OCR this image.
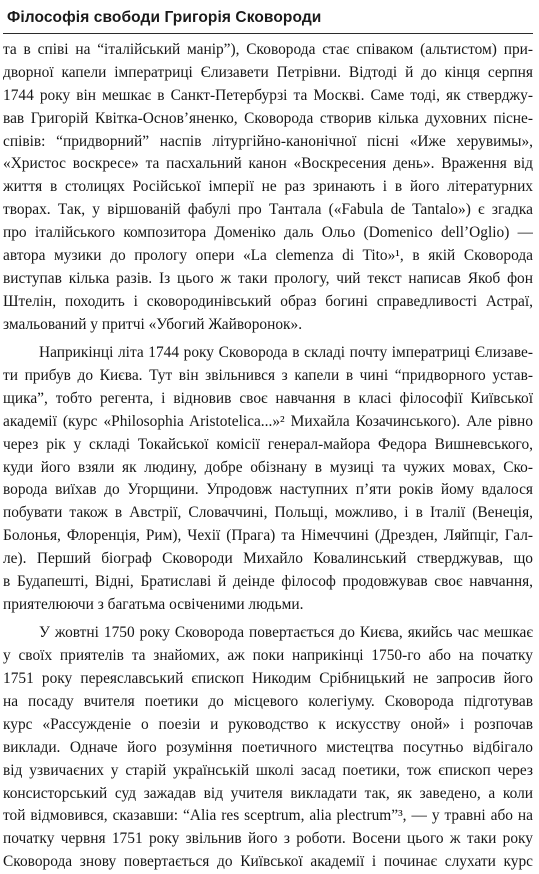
Філософія свободи Григорія Сковороди
та в співі на “італійський манір”), Сковорода стає співаком (альтистом) при-
дворної капели імператриці Єлизавети Петрівни. Відтоді й до кінця серпня
1744 року він мешкає в Санкт-Петербурзі та Москві. Саме тоді, як стверджу-
вав Григорій Квітка-Основ’яненко, Сковорода створив кілька духовних пісне-
співів: “придворний” наспів літургійно-канонічної пісні «Иже херувимы»,
«Христос воскресе» та пасхальний канон «Воскресения день». Враження від
життя в столицях Російської імперії не раз зринають і в його літературних
творах. Так, у віршованій фабулі про Тантала («Fabula de Tantalo») є згадка
про італійського композитора Доменіко даль Ольо (Domenico dell’Oglio) —
автора музики до прологу опери «La clemenza di Tito»¹, в якій Сковорода
виступав кілька разів. Із цього ж таки прологу, чий текст написав Якоб фон
Штелін, походить і сковородинівський образ богині справедливості Астраї,
змальований у притчі «Убогий Жайворонок».
Наприкінці літа 1744 року Сковорода в складі почту імператриці Єлизаве-
ти прибув до Києва. Тут він звільнився з капели в чині “придворного устав-
щика”, тобто регента, і відновив своє навчання в класі філософії Київської
академії (курс «Philosophia Aristotelica...»² Михайла Козачинського). Але рівно
через рік у складі Токайської комісії генерал-майора Федора Вишневського,
куди його взяли як людину, добре обізнану в музиці та чужих мовах, Ско-
ворода виїхав до Угорщини. Упродовж наступних п’яти років йому вдалося
побувати також в Австрії, Словаччині, Польщі, можливо, і в Італії (Венеція,
Болонья, Флоренція, Рим), Чехії (Прага) та Німеччині (Дрезден, Ляйпціг, Гал-
ле). Перший біограф Сковороди Михайло Ковалинський стверджував, що
в Будапешті, Відні, Братиславі й деінде філософ продовжував своє навчання,
приятелюючи з багатьма освіченими людьми.
У жовтні 1750 року Сковорода повертається до Києва, якийсь час мешкає
у своїх приятелів та знайомих, аж поки наприкінці 1750-го або на початку
1751 року переяславський єпископ Никодим Срібницький не запросив його
на посаду вчителя поетики до місцевого колегіуму. Сковорода підготував
курс «Рассужденіе о поезіи и руководство к искусству оной» і розпочав
виклади. Одначе його розуміння поетичного мистецтва посутньо відбігало
від узвичаєних у старій українській школі засад поетики, тож єпископ через
консисторський суд зажадав від учителя викладати так, як заведено, а коли
той відмовився, сказавши: “Alia res sceptrum, alia plectrum”³, — у травні або на
початку червня 1751 року звільнив його з роботи. Восени цього ж таки року
Сковорода знову повертається до Київської академії і починає слухати курс
